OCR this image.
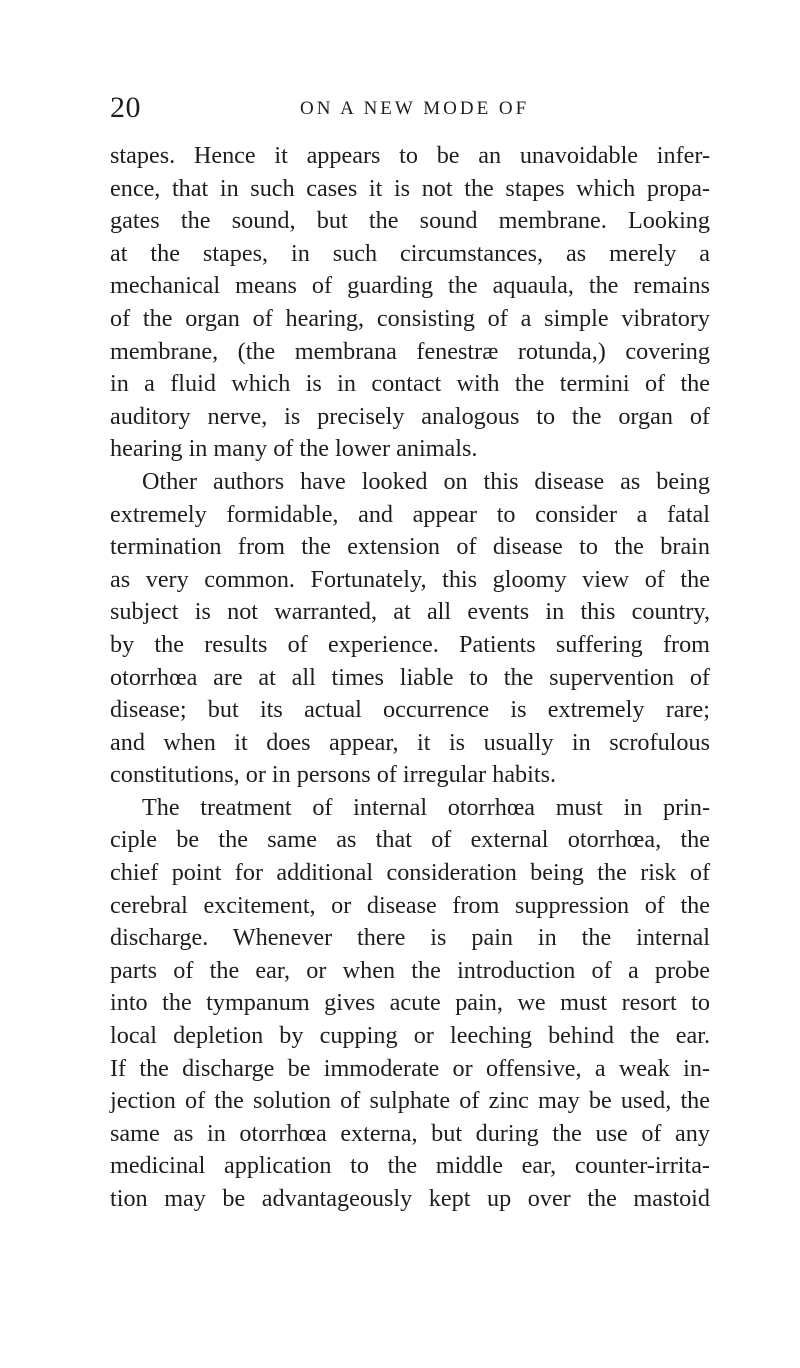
20	ON A NEW MODE OF
stapes. Hence it appears to be an unavoidable infer-
ence, that in such cases it is not the stapes which propa-
gates the sound, but the sound membrane. Looking
at the stapes, in such circumstances, as merely a
mechanical means of guarding the aquaula, the remains
of the organ of hearing, consisting of a simple vibratory
membrane, (the membrana fenestræ rotunda,) covering
in a fluid which is in contact with the termini of the
auditory nerve, is precisely analogous to the organ of
hearing in many of the lower animals.
Other authors have looked on this disease as being
extremely formidable, and appear to consider a fatal
termination from the extension of disease to the brain
as very common. Fortunately, this gloomy view of the
subject is not warranted, at all events in this country,
by the results of experience. Patients suffering from
otorrhœa are at all times liable to the supervention of
disease; but its actual occurrence is extremely rare;
and when it does appear, it is usually in scrofulous
constitutions, or in persons of irregular habits.
The treatment of internal otorrhœa must in prin-
ciple be the same as that of external otorrhœa, the
chief point for additional consideration being the risk of
cerebral excitement, or disease from suppression of the
discharge. Whenever there is pain in the internal
parts of the ear, or when the introduction of a probe
into the tympanum gives acute pain, we must resort to
local depletion by cupping or leeching behind the ear.
If the discharge be immoderate or offensive, a weak in-
jection of the solution of sulphate of zinc may be used, the
same as in otorrhœa externa, but during the use of any
medicinal application to the middle ear, counter-irrita-
tion may be advantageously kept up over the mastoid
